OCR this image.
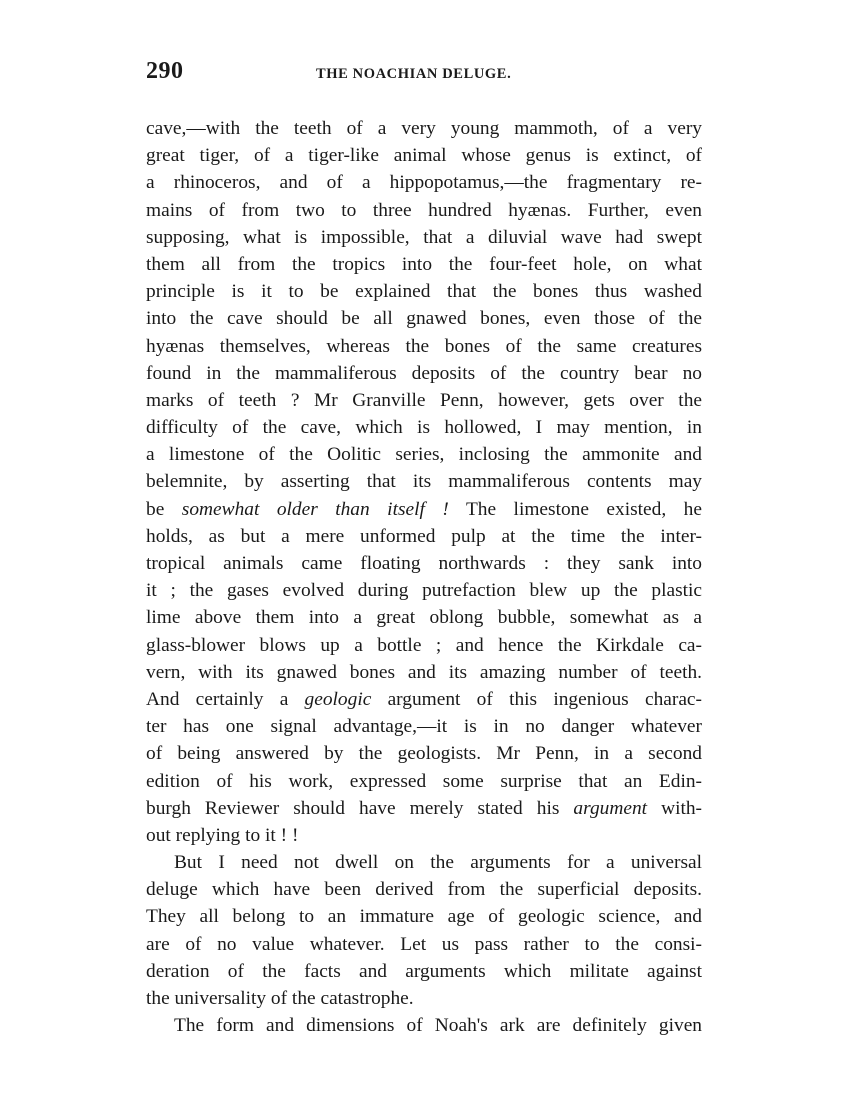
290	THE NOACHIAN DELUGE.
cave,—with the teeth of a very young mammoth, of a very
great tiger, of a tiger-like animal whose genus is extinct, of
a rhinoceros, and of a hippopotamus,—the fragmentary re-
mains of from two to three hundred hyænas. Further, even
supposing, what is impossible, that a diluvial wave had swept
them all from the tropics into the four-feet hole, on what
principle is it to be explained that the bones thus washed
into the cave should be all gnawed bones, even those of the
hyænas themselves, whereas the bones of the same creatures
found in the mammaliferous deposits of the country bear no
marks of teeth ? Mr Granville Penn, however, gets over the
difficulty of the cave, which is hollowed, I may mention, in
a limestone of the Oolitic series, inclosing the ammonite and
belemnite, by asserting that its mammaliferous contents may
be somewhat older than itself ! The limestone existed, he
holds, as but a mere unformed pulp at the time the inter-
tropical animals came floating northwards : they sank into
it ; the gases evolved during putrefaction blew up the plastic
lime above them into a great oblong bubble, somewhat as a
glass-blower blows up a bottle ; and hence the Kirkdale ca-
vern, with its gnawed bones and its amazing number of teeth.
And certainly a geologic argument of this ingenious charac-
ter has one signal advantage,—it is in no danger whatever
of being answered by the geologists. Mr Penn, in a second
edition of his work, expressed some surprise that an Edin-
burgh Reviewer should have merely stated his argument with-
out replying to it ! !
But I need not dwell on the arguments for a universal
deluge which have been derived from the superficial deposits.
They all belong to an immature age of geologic science, and
are of no value whatever. Let us pass rather to the consi-
deration of the facts and arguments which militate against
the universality of the catastrophe.
The form and dimensions of Noah's ark are definitely given
